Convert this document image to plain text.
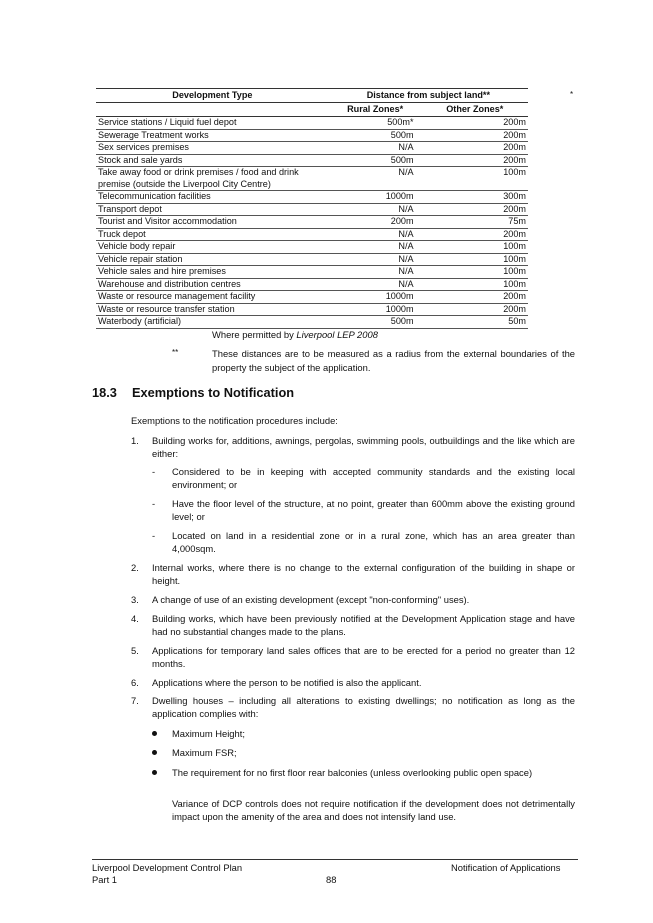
*
Development Type	Distance from subject land**	
	Rural Zones*	Other Zones*
Service stations / Liquid fuel depot	500m*	200m
Sewerage Treatment works	500m	200m
Sex services premises	N/A	200m
Stock and sale yards	500m	200m
Take away food or drink premises / food and drink premise (outside the Liverpool City Centre)	N/A	100m
Telecommunication facilities	1000m	300m
Transport depot	N/A	200m
Tourist and Visitor accommodation	200m	75m
Truck depot	N/A	200m
Vehicle body repair	N/A	100m
Vehicle repair station	N/A	100m
Vehicle sales and hire premises	N/A	100m
Warehouse and distribution centres	N/A	100m
Waste or resource management facility	1000m	200m
Waste or resource transfer station	1000m	200m
Waterbody (artificial)	500m	50m
Where permitted by Liverpool LEP 2008
**	These distances are to be measured as a radius from the external boundaries of the property the subject of the application.
18.3 Exemptions to Notification
Exemptions to the notification procedures include:
1. Building works for, additions, awnings, pergolas, swimming pools, outbuildings and the like which are either:
- Considered to be in keeping with accepted community standards and the existing local environment; or
- Have the floor level of the structure, at no point, greater than 600mm above the existing ground level; or
- Located on land in a residential zone or in a rural zone, which has an area greater than 4,000sqm.
2. Internal works, where there is no change to the external configuration of the building in shape or height.
3. A change of use of an existing development (except "non-conforming" uses).
4. Building works, which have been previously notified at the Development Application stage and have had no substantial changes made to the plans.
5. Applications for temporary land sales offices that are to be erected for a period no greater than 12 months.
6. Applications where the person to be notified is also the applicant.
7. Dwelling houses – including all alterations to existing dwellings; no notification as long as the application complies with:
Maximum Height;
Maximum FSR;
The requirement for no first floor rear balconies (unless overlooking public open space)
Variance of DCP controls does not require notification if the development does not detrimentally impact upon the amenity of the area and does not intensify land use.
Liverpool Development Control Plan
Part 1	88
Notification of Applications
